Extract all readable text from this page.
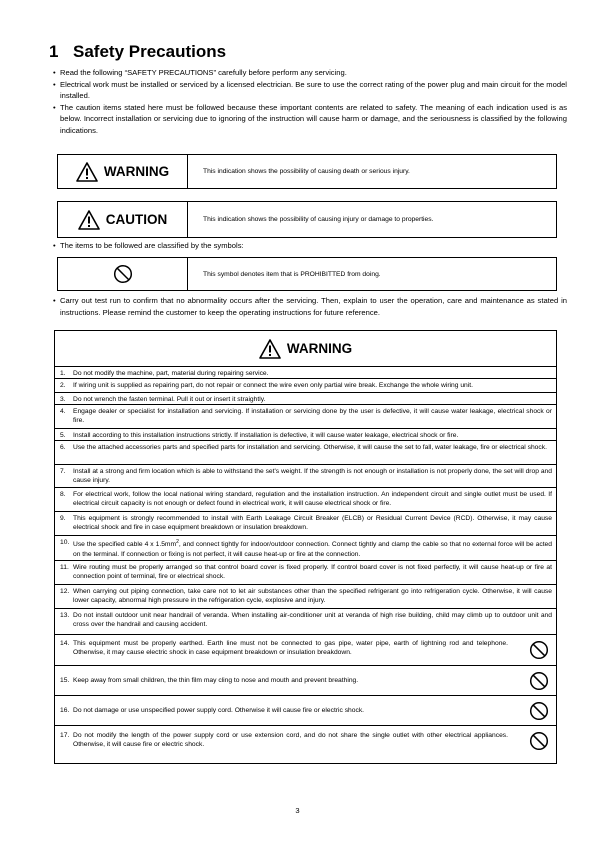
1 Safety Precautions
• Read the following “SAFETY PRECAUTIONS” carefully before perform any servicing.
• Electrical work must be installed or serviced by a licensed electrician. Be sure to use the correct rating of the power plug and main circuit for the model installed.
• The caution items stated here must be followed because these important contents are related to safety. The meaning of each indication used is as below. Incorrect installation or servicing due to ignoring of the instruction will cause harm or damage, and the seriousness is classified by the following indications.
WARNING	This indication shows the possibility of causing death or serious injury.
CAUTION	This indication shows the possibility of causing injury or damage to properties.
• The items to be followed are classified by the symbols:
This symbol denotes item that is PROHIBITTED from doing.
• Carry out test run to confirm that no abnormality occurs after the servicing. Then, explain to user the operation, care and maintenance as stated in instructions. Please remind the customer to keep the operating instructions for future reference.
WARNING
1. Do not modify the machine, part, material during repairing service.
2. If wiring unit is supplied as repairing part, do not repair or connect the wire even only partial wire break. Exchange the whole wiring unit.
3. Do not wrench the fasten terminal. Pull it out or insert it straightly.
4. Engage dealer or specialist for installation and servicing. If installation or servicing done by the user is defective, it will cause water leakage, electrical shock or fire.
5. Install according to this installation instructions strictly. If installation is defective, it will cause water leakage, electrical shock or fire.
6. Use the attached accessories parts and specified parts for installation and servicing. Otherwise, it will cause the set to fall, water leakage, fire or electrical shock.
7. Install at a strong and firm location which is able to withstand the set's weight. If the strength is not enough or installation is not properly done, the set will drop and cause injury.
8. For electrical work, follow the local national wiring standard, regulation and the installation instruction. An independent circuit and single outlet must be used. If electrical circuit capacity is not enough or defect found in electrical work, it will cause electrical shock or fire.
9. This equipment is strongly recommended to install with Earth Leakage Circuit Breaker (ELCB) or Residual Current Device (RCD). Otherwise, it may cause electrical shock and fire in case equipment breakdown or insulation breakdown.
10. Use the specified cable 4 x $1.5mm^2$, and connect tightly for indoor/outdoor connection. Connect tightly and clamp the cable so that no external force will be acted on the terminal. If connection or fixing is not perfect, it will cause heat-up or fire at the connection.
11. Wire routing must be properly arranged so that control board cover is fixed properly. If control board cover is not fixed perfectly, it will cause heat-up or fire at connection point of terminal, fire or electrical shock.
12. When carrying out piping connection, take care not to let air substances other than the specified refrigerant go into refrigeration cycle. Otherwise, it will cause lower capacity, abnormal high pressure in the refrigeration cycle, explosive and injury.
13. Do not install outdoor unit near handrail of veranda. When installing air-conditioner unit at veranda of high rise building, child may climb up to outdoor unit and cross over the handrail and causing accident.
14. This equipment must be properly earthed. Earth line must not be connected to gas pipe, water pipe, earth of lightning rod and telephone. Otherwise, it may cause electric shock in case equipment breakdown or insulation breakdown.
15. Keep away from small children, the thin film may cling to nose and mouth and prevent breathing.
16. Do not damage or use unspecified power supply cord. Otherwise it will cause fire or electric shock.
17. Do not modify the length of the power supply cord or use extension cord, and do not share the single outlet with other electrical appliances. Otherwise, it will cause fire or electric shock.
3
